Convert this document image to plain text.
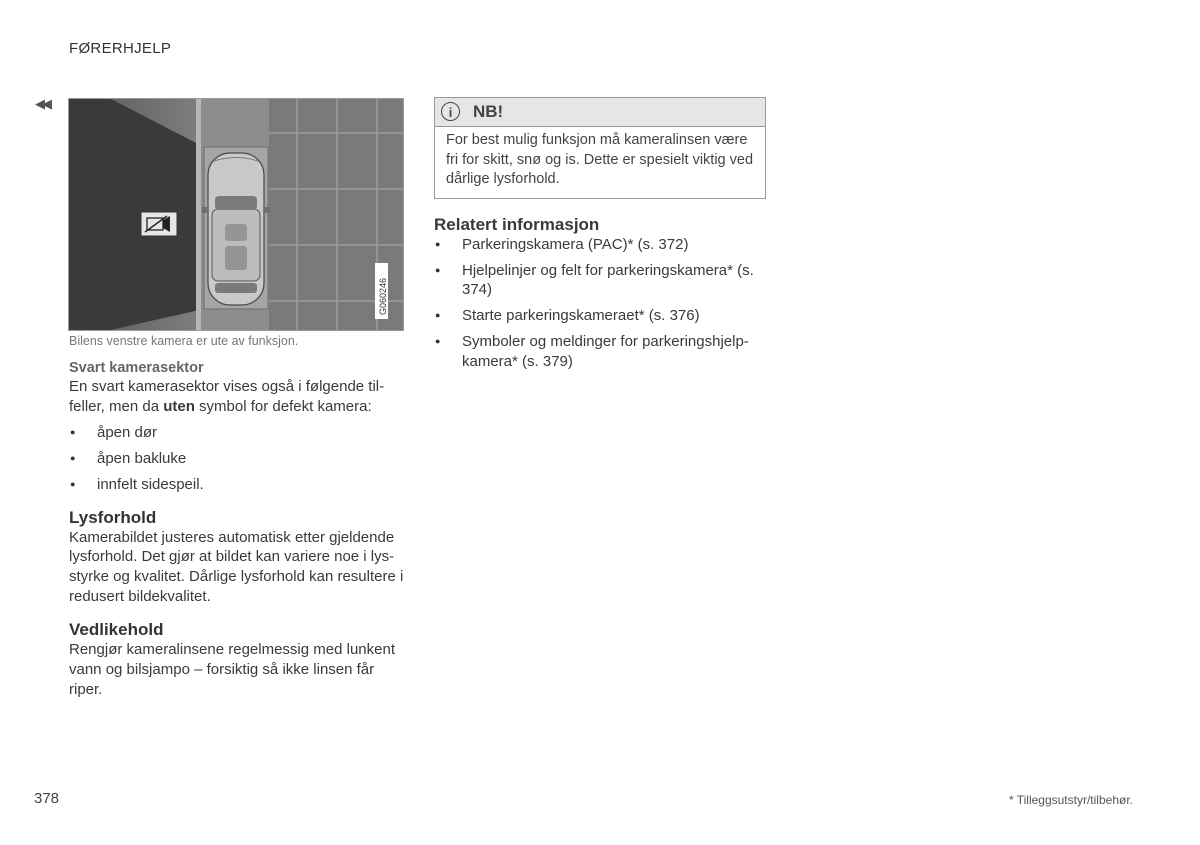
FØRERHJELP
◀◀
G060246
Bilens venstre kamera er ute av funksjon.
Svart kamerasektor

En svart kamerasektor vises også i følgende til-feller, men da uten symbol for defekt kamera:

● åpen dør
● åpen bakluke
● innfelt sidespeil.
Lysforhold

Kamerabildet justeres automatisk etter gjeldende lysforhold. Det gjør at bildet kan variere noe i lys-styrke og kvalitet. Dårlige lysforhold kan resultere i redusert bildekvalitet.

Vedlikehold

Rengjør kameralinsene regelmessig med lunkent vann og bilsjampo – forsiktig så ikke linsen får riper.

i	NB!
For best mulig funksjon må kameralinsen være fri for skitt, snø og is. Dette er spesielt viktig ved dårlige lysforhold.
Relatert informasjon
● Parkeringskamera (PAC)* (s. 372)
● Hjelpelinjer og felt for parkeringskamera* (s. 374)
● Starte parkeringskameraet* (s. 376)
● Symboler og meldinger for parkeringshjelp-kamera* (s. 379)
378	* Tilleggsutstyr/tilbehør.
